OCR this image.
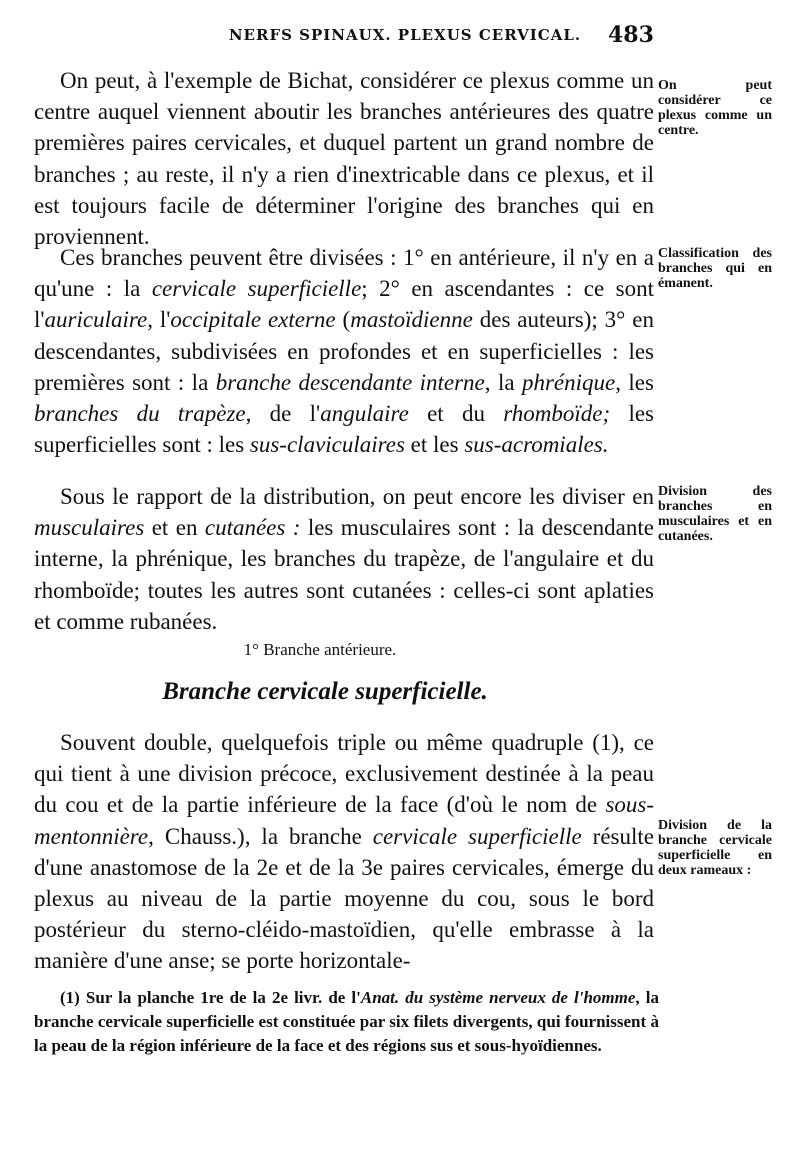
NERFS SPINAUX. PLEXUS CERVICAL.	483

On peut, à l'exemple de Bichat, considérer ce plexus comme un centre auquel viennent aboutir les branches antérieures des quatre premières paires cervicales, et duquel partent un grand nombre de branches ; au reste, il n'y a rien d'inextricable dans ce plexus, et il est toujours facile de déterminer l'origine des branches qui en proviennent.

Ces branches peuvent être divisées : 1° en antérieure, il n'y en a qu'une : la cervicale superficielle; 2° en ascendantes : ce sont l'auriculaire, l'occipitale externe (mastoïdienne des auteurs); 3° en descendantes, subdivisées en profondes et en superficielles : les premières sont : la branche descendante interne, la phrénique, les branches du trapèze, de l'angulaire et du rhomboïde; les superficielles sont : les sus-claviculaires et les sus-acromiales.

Sous le rapport de la distribution, on peut encore les diviser en musculaires et en cutanées : les musculaires sont : la descendante interne, la phrénique, les branches du trapèze, de l'angulaire et du rhomboïde; toutes les autres sont cutanées : celles-ci sont aplaties et comme rubanées.

1° Branche antérieure.
Branche cervicale superficielle.

Souvent double, quelquefois triple ou même quadruple (1), ce qui tient à une division précoce, exclusivement destinée à la peau du cou et de la partie inférieure de la face (d'où le nom de sous-mentonnière, Chauss.), la branche cervicale superficielle résulte d'une anastomose de la 2e et de la 3e paires cervicales, émerge du plexus au niveau de la partie moyenne du cou, sous le bord postérieur du sterno-cléido-mastoïdien, qu'elle embrasse à la manière d'une anse; se porte horizontale-

On peut considérer ce plexus comme un centre.
Classification des branches qui en émanent.
Division des branches en musculaires et en cutanées.
Division de la branche cervicale superficielle en deux rameaux :

(1) Sur la planche 1re de la 2e livr. de l'Anat. du système nerveux de l'homme, la branche cervicale superficielle est constituée par six filets divergents, qui fournissent à la peau de la région inférieure de la face et des régions sus et sous-hyoïdiennes.
